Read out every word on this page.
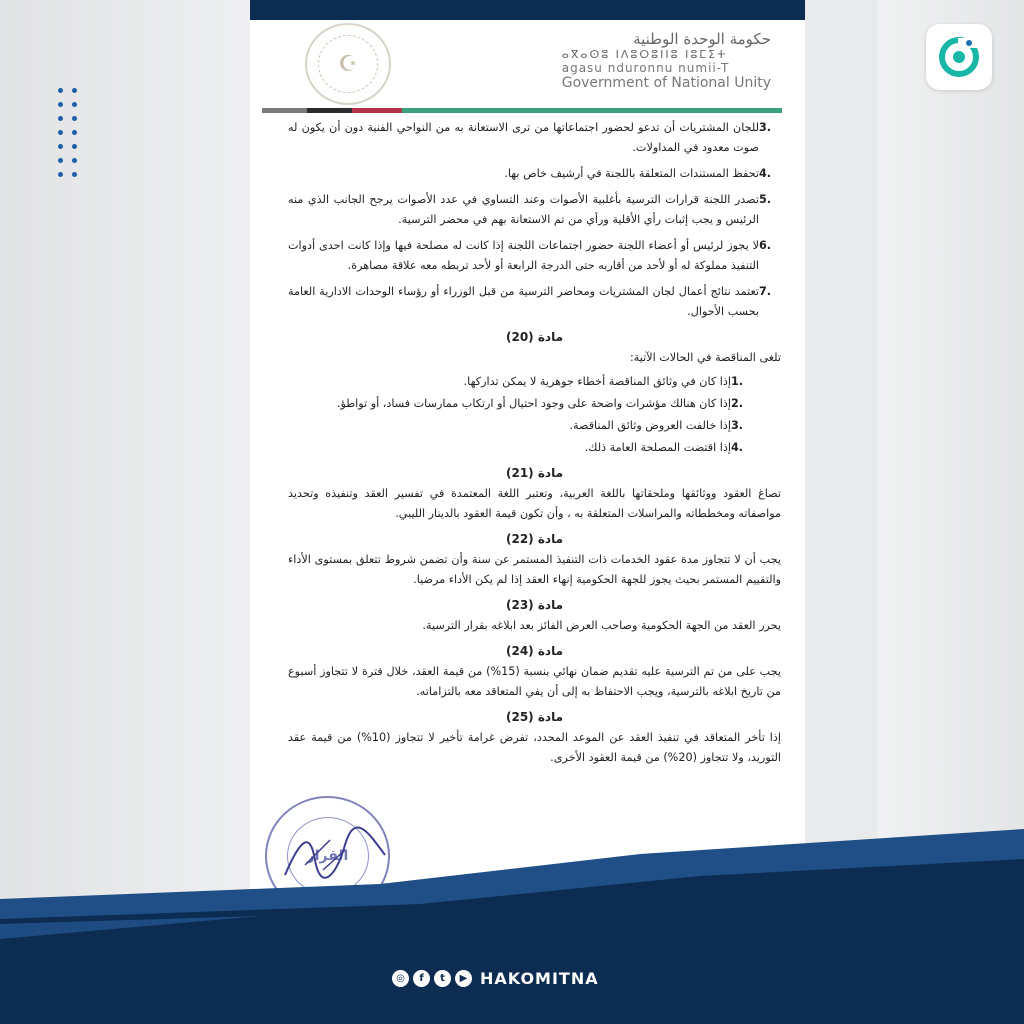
☪
حكومة الوحدة الوطنية
ⴰⴳⴰⵙⵓ ⵏⴷⵓⵔⵓⵏⵏⵓ ⵏⵓⵎⵉⵜ
agasu nduronnu numii-T
Government of National Unity
3.
للجان المشتريات أن تدعو لحضور اجتماعاتها من ترى الاستعانة به من النواحي الفنية دون أن يكون له صوت معدود في المداولات.
4.
تحفظ المستندات المتعلقة باللجنة في أرشيف خاص بها.
5.
تصدر اللجنة قرارات الترسية بأغلبية الأصوات وعند التساوي في عدد الأصوات يرجح الجانب الذي منه الرئيس و يجب إثبات رأي الأقلية ورأي من تم الاستعانة بهم في محضر الترسية.
6.
لا يجوز لرئيس أو أعضاء اللجنة حضور اجتماعات اللجنة إذا كانت له مصلحة فيها وإذا كانت احدى أدوات التنفيذ مملوكة له أو لأحد من أقاربه حتى الدرجة الرابعة أو لأحد تربطه معه علاقة مصاهرة.
7.
تعتمد نتائج أعمال لجان المشتريات ومحاضر الترسية من قبل الوزراء أو رؤساء الوحدات الادارية العامة بحسب الأحوال.
مادة (20)
تلغى المناقصة في الحالات الآتية:
1.
إذا كان في وثائق المناقصة أخطاء جوهرية لا يمكن تداركها.
2.
إذا كان هنالك مؤشرات واضحة على وجود احتيال أو ارتكاب ممارسات فساد، أو تواطؤ.
3.
إذا خالفت العروض وثائق المناقصة.
4.
إذا اقتضت المصلحة العامة ذلك.
مادة (21)
تصاغ العقود ووثائقها وملحقاتها باللغة العربية، وتعتبر اللغة المعتمدة في تفسير العقد وتنفيذه وتحديد مواصفاته ومخططاته والمراسلات المتعلقة به ، وأن تكون قيمة العقود بالدينار الليبي.
مادة (22)
يجب أن لا تتجاوز مدة عقود الخدمات ذات التنفيذ المستمر عن سنة وأن تضمن شروط تتعلق بمستوى الأداء والتقييم المستمر بحيث يجوز للجهة الحكومية إنهاء العقد إذا لم يكن الأداء مرضيا.
مادة (23)
يحرر العقد من الجهة الحكومية وصاحب العرض الفائز بعد ابلاغه بقرار الترسية.
مادة (24)
يجب على من تم الترسية عليه تقديم ضمان نهائي بنسبة (15%) من قيمة العقد، خلال فترة لا تتجاوز أسبوع من تاريخ ابلاغه بالترسية، ويجب الاحتفاظ به إلى أن يفي المتعاقد معه بالتزاماته.
مادة (25)
إذا تأخر المتعاقد في تنفيذ العقد عن الموعد المحدد، تفرض غرامة تأخير لا تتجاوز (10%) من قيمة عقد التوريد، ولا تتجاوز (20%) من قيمة العقود الأخرى.
القرار
◎	f	t	▶ HAKOMITNA
